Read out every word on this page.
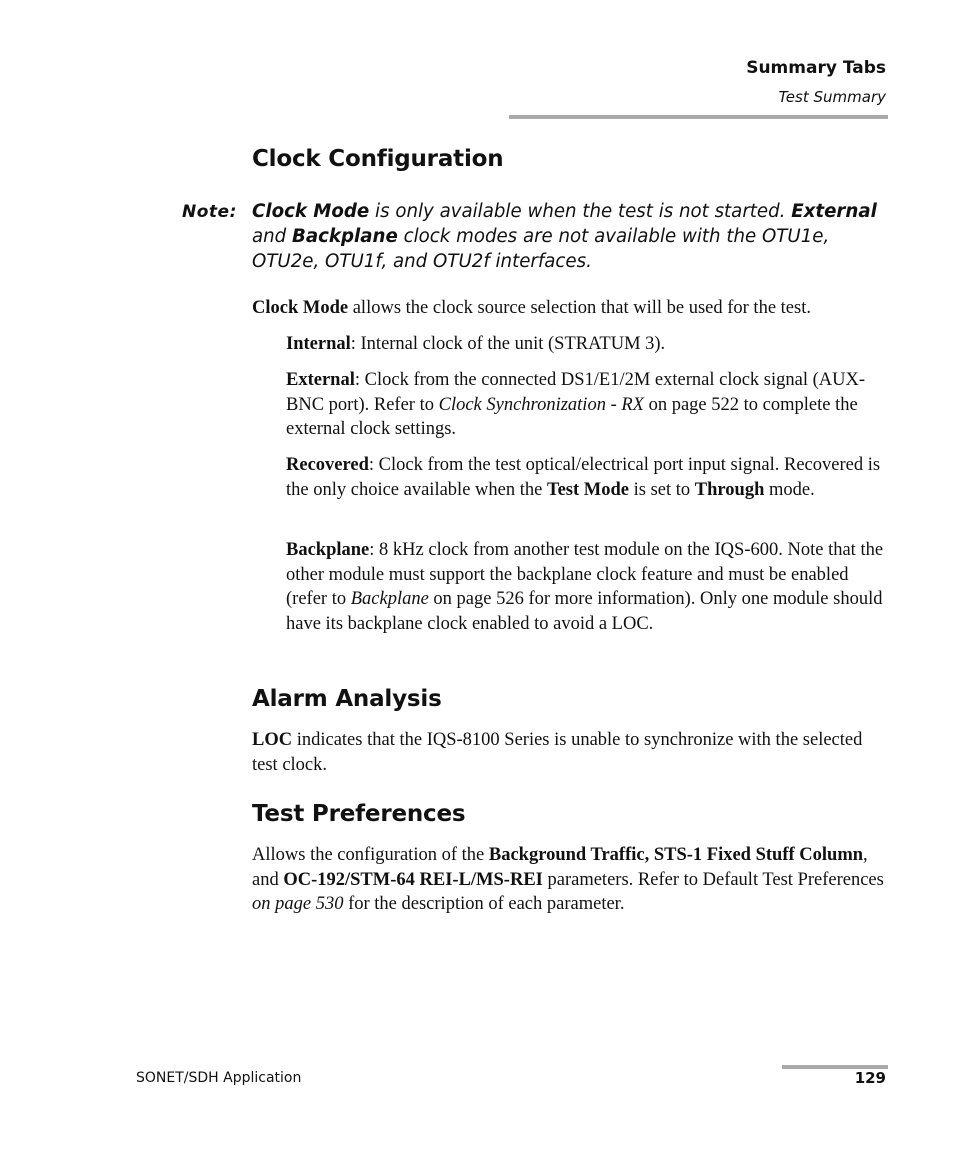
Summary Tabs
Test Summary
Clock Configuration
Note: Clock Mode is only available when the test is not started. External and Backplane clock modes are not available with the OTU1e, OTU2e, OTU1f, and OTU2f interfaces.

Clock Mode allows the clock source selection that will be used for the test.

Internal: Internal clock of the unit (STRATUM 3).

External: Clock from the connected DS1/E1/2M external clock signal (AUX-BNC port). Refer to Clock Synchronization - RX on page 522 to complete the external clock settings.

Recovered: Clock from the test optical/electrical port input signal. Recovered is the only choice available when the Test Mode is set to Through mode.

Backplane: 8 kHz clock from another test module on the IQS-600. Note that the other module must support the backplane clock feature and must be enabled (refer to Backplane on page 526 for more information). Only one module should have its backplane clock enabled to avoid a LOC.

Alarm Analysis

LOC indicates that the IQS-8100 Series is unable to synchronize with the selected test clock.

Test Preferences

Allows the configuration of the Background Traffic, STS-1 Fixed Stuff Column, and OC-192/STM-64 REI-L/MS-REI parameters. Refer to Default Test Preferences on page 530 for the description of each parameter.

SONET/SDH Application	129
